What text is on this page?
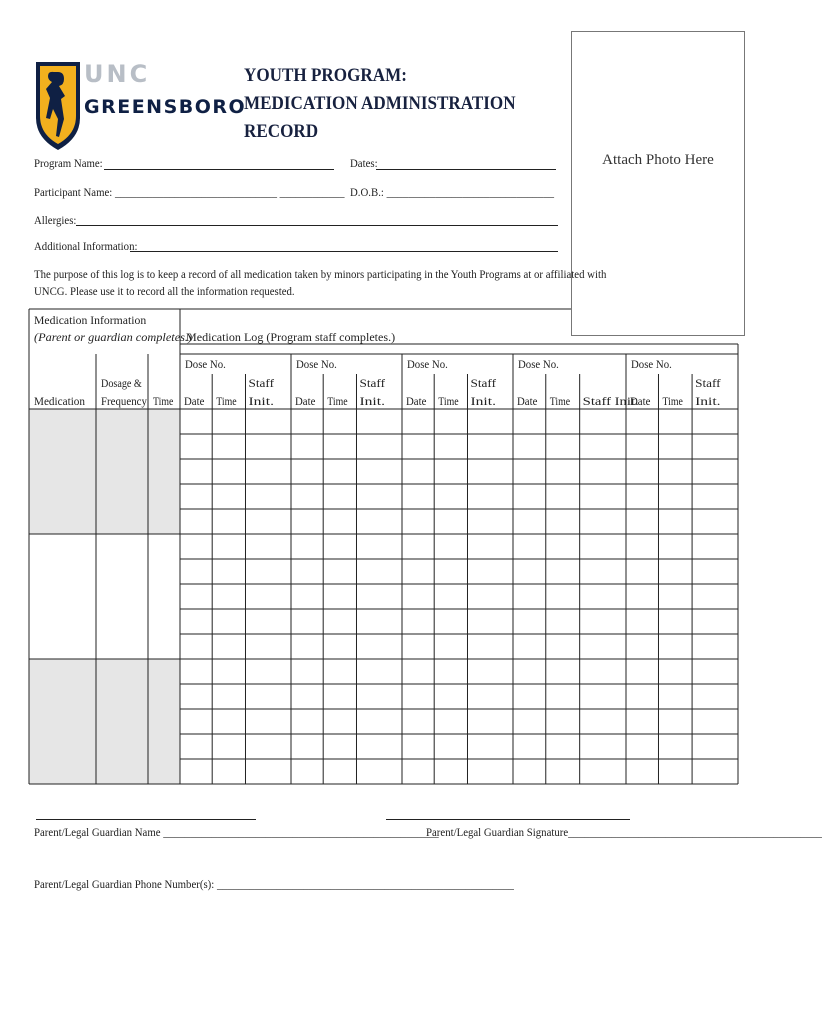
UNC
GREENSBORO
YOUTH PROGRAM:
MEDICATION ADMINISTRATION
RECORD
Attach Photo Here
Program Name:	Dates:
Participant Name: ______________________________ ____________ D.O.B.: _______________________________
Allergies:
Additional Information:
The purpose of this log is to keep a record of all medication taken by minors participating in the Youth Programs at or affiliated with
UNCG. Please use it to record all the information requested.
Dose No.
Date Time
Staff
Init.
Dose No.
Date Time
Staff
Init.
Dose No.
Date Time
Staff
Init.
Dose No.
Date Time Staff Init.
Dose No.
Date Time
Staff
Init.
Medication Information
(Parent or guardian completes.)
Medication Log (Program staff completes.)
Medication
Dosage &
Frequency Time
Parent/Legal Guardian Name ___________________________________________________
Parent/Legal Guardian Signature_______________________________________________
Parent/Legal Guardian Phone Number(s): _______________________________________________________
